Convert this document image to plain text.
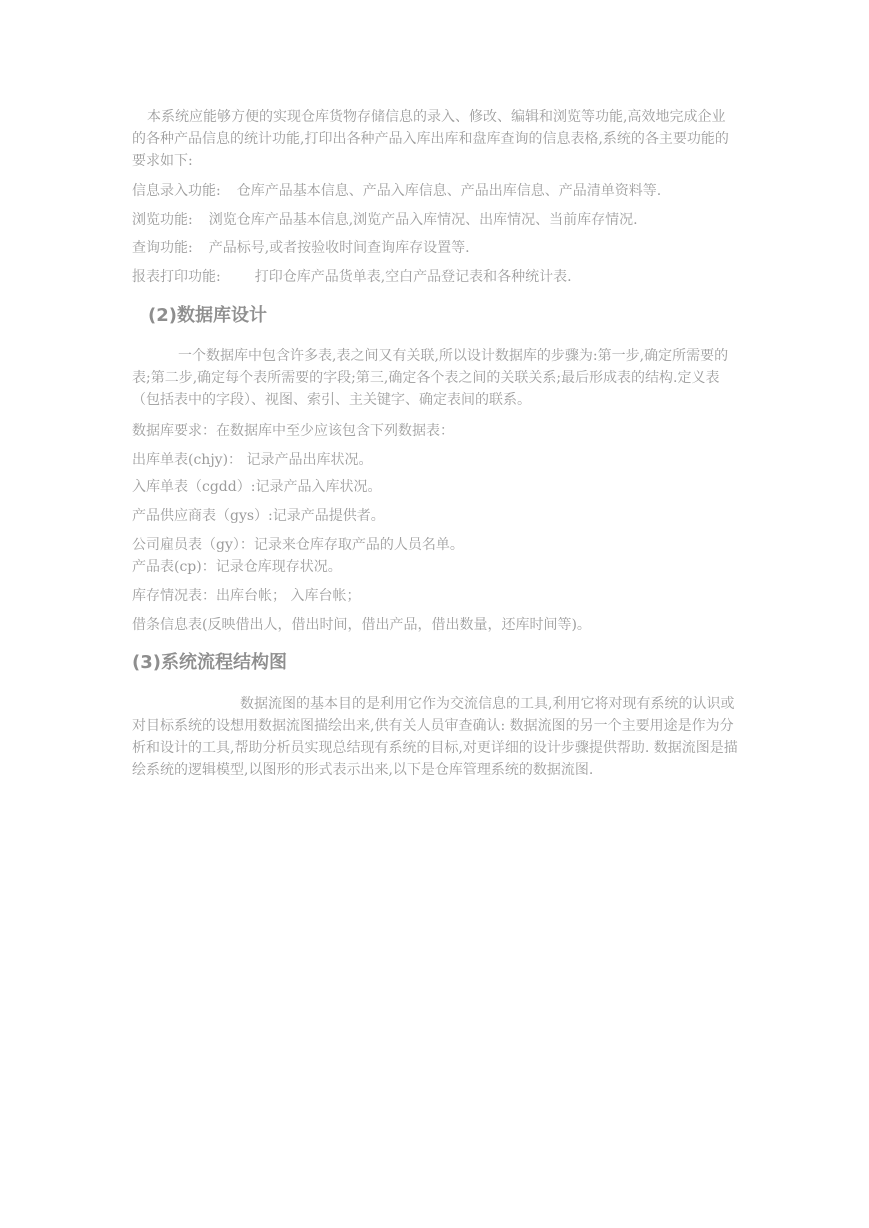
本系统应能够方便的实现仓库货物存储信息的录入、修改、编辑和浏览等功能,高效地完成企业的各种产品信息的统计功能,打印出各种产品入库出库和盘库查询的信息表格,系统的各主要功能的要求如下:

信息录入功能: 仓库产品基本信息、产品入库信息、产品出库信息、产品清单资料等.
浏览功能: 浏览仓库产品基本信息,浏览产品入库情况、出库情况、当前库存情况.
查询功能: 产品标号,或者按验收时间查询库存设置等.
报表打印功能: 打印仓库产品货单表,空白产品登记表和各种统计表.
(2)数据库设计

一个数据库中包含许多表,表之间又有关联,所以设计数据库的步骤为:第一步,确定所需要的表;第二步,确定每个表所需要的字段;第三,确定各个表之间的关联关系;最后形成表的结构.定义表（包括表中的字段）、视图、索引、主关键字、确定表间的联系。

数据库要求：在数据库中至少应该包含下列数据表：
出库单表(chjy)： 记录产品出库状况。
入库单表（cgdd）:记录产品入库状况。
产品供应商表（gys）:记录产品提供者。
公司雇员表（gy）：记录来仓库存取产品的人员名单。
产品表(cp)：记录仓库现存状况。
库存情况表：出库台帐； 入库台帐；
借条信息表(反映借出人，借出时间，借出产品，借出数量，还库时间等)。
(3)系统流程结构图

数据流图的基本目的是利用它作为交流信息的工具,利用它将对现有系统的认识或对目标系统的设想用数据流图描绘出来,供有关人员审查确认: 数据流图的另一个主要用途是作为分析和设计的工具,帮助分析员实现总结现有系统的目标,对更详细的设计步骤提供帮助. 数据流图是描绘系统的逻辑模型,以图形的形式表示出来,以下是仓库管理系统的数据流图.
